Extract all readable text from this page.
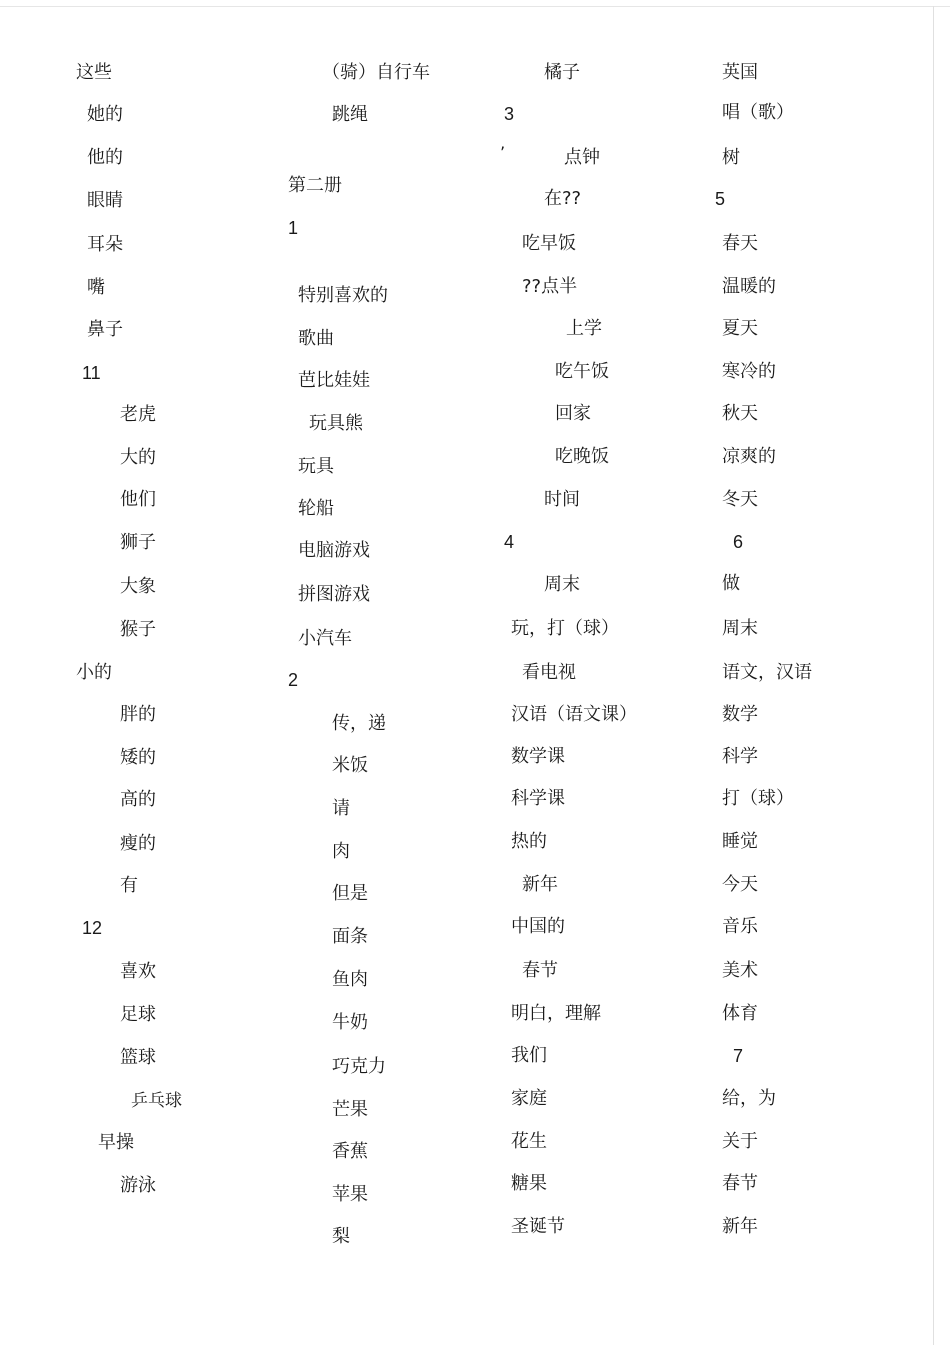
这些
她的
他的
眼睛
耳朵
嘴
鼻子
11
老虎
大的
他们
狮子
大象
猴子
小的
胖的
矮的
高的
瘦的
有
12
喜欢
足球
篮球
乒乓球
早操
游泳
（骑）自行车
跳绳
第二册
1
特别喜欢的
歌曲
芭比娃娃
玩具熊
玩具
轮船
电脑游戏
拼图游戏
小汽车
2
传，递
米饭
请
肉
但是
面条
鱼肉
牛奶
巧克力
芒果
香蕉
苹果
梨
橘子
3
’	点钟
在??
吃早饭
??点半
上学
吃午饭
回家
吃晚饭
时间
4
周末
玩，打（球）
看电视
汉语（语文课）
数学课
科学课
热的
新年
中国的
春节
明白，理解
我们
家庭
花生
糖果
圣诞节
英国
唱（歌）
树
5
春天
温暖的
夏天
寒冷的
秋天
凉爽的
冬天
6
做
周末
语文，汉语
数学
科学
打（球）
睡觉
今天
音乐
美术
体育
7
给，为
关于
春节
新年
